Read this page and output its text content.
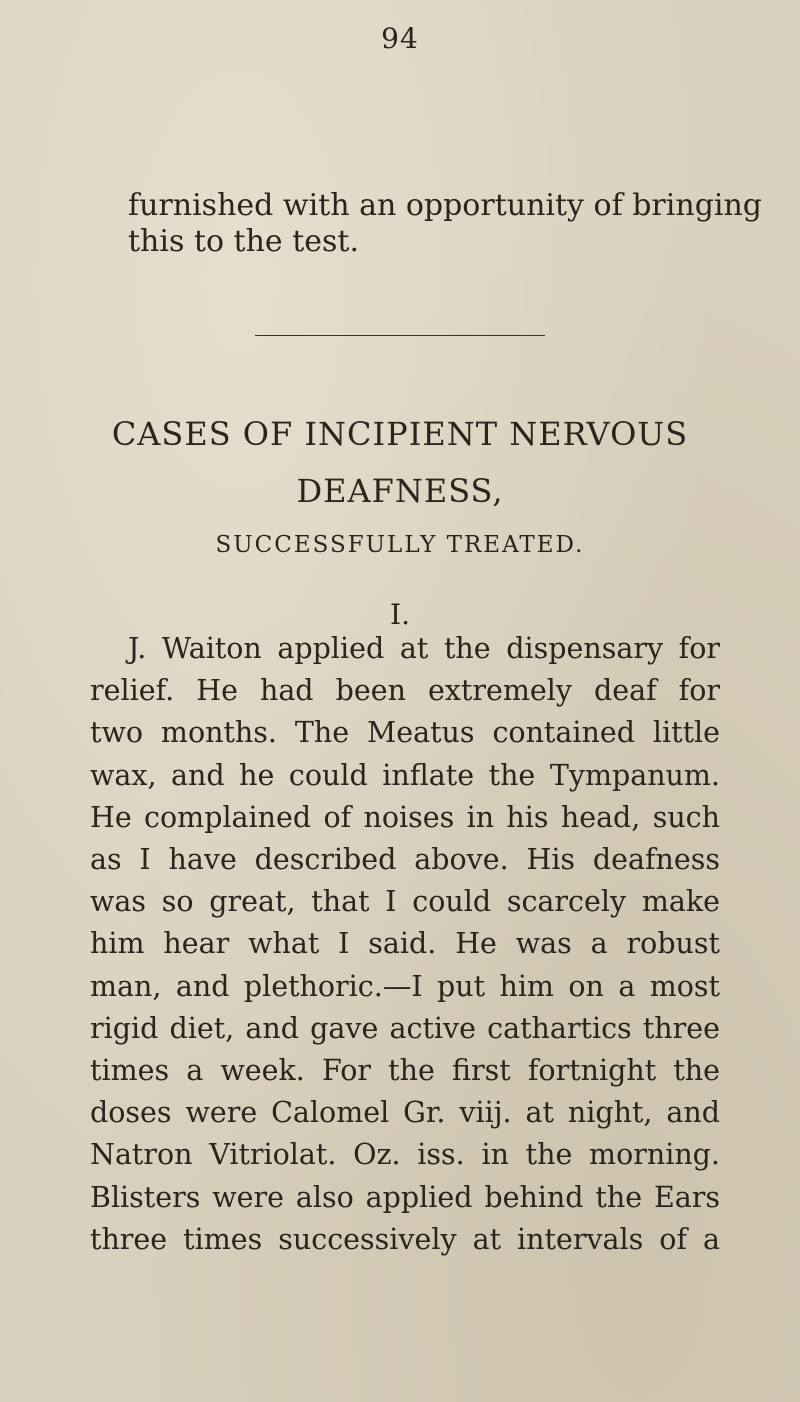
94
furnished with an opportunity of bringing
this to the test.
CASES OF INCIPIENT NERVOUS
DEAFNESS,
SUCCESSFULLY TREATED.
I.
J. Waiton applied at the dispensary for
relief. He had been extremely deaf for
two months. The Meatus contained little
wax, and he could inflate the Tympanum.
He complained of noises in his head, such
as I have described above. His deafness
was so great, that I could scarcely make
him hear what I said. He was a robust
man, and plethoric.—I put him on a most
rigid diet, and gave active cathartics three
times a week. For the first fortnight the
doses were Calomel Gr. viij. at night, and
Natron Vitriolat. Oz. iss. in the morning.
Blisters were also applied behind the Ears
three times successively at intervals of a
